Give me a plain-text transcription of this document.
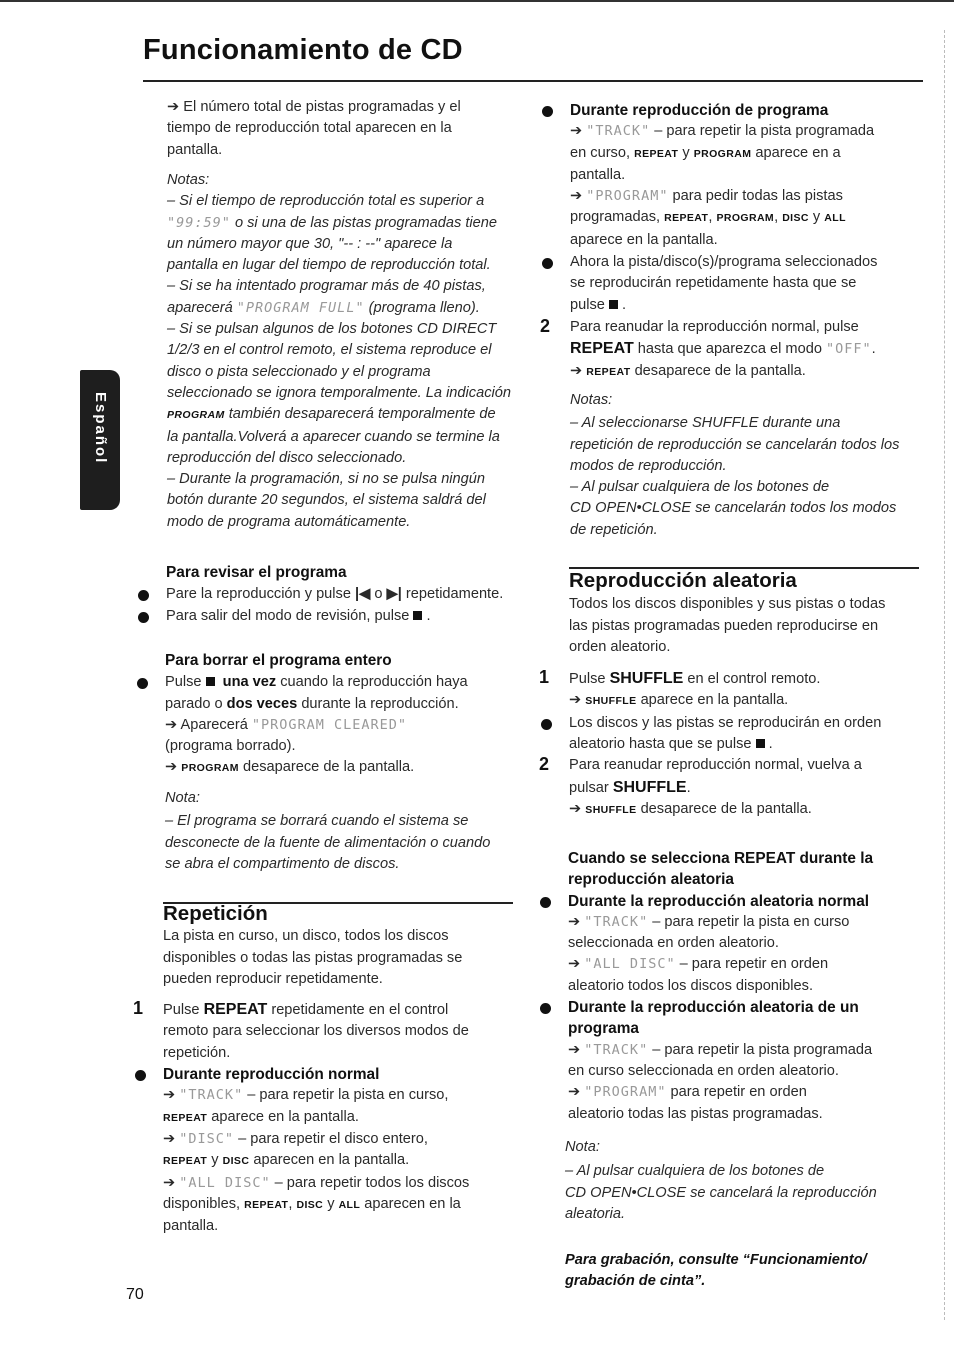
Funcionamiento de CD
Español

➔ El número total de pistas programadas y el

tiempo de reproducción total aparecen en la

pantalla.

Notas:

– Si el tiempo de reproducción total es superior a

"99:59" o si una de las pistas programadas tiene

un número mayor que 30, "-- : --" aparece la

pantalla en lugar del tiempo de reproducción total.

– Si se ha intentado programar más de 40 pistas,

aparecerá "PROGRAM FULL" (programa lleno).

– Si se pulsan algunos de los botones CD DIRECT

1/2/3 en el control remoto, el sistema reproduce el

disco o pista seleccionado y el programa

seleccionado se ignora temporalmente. La indicación

PROGRAM también desaparecerá temporalmente de

la pantalla.Volverá a aparecer cuando se termine la

reproducción del disco seleccionado.

– Durante la programación, si no se pulsa ningún

botón durante 20 segundos, el sistema saldrá del

modo de programa automáticamente.

Para revisar el programa

Pare la reproducción y pulse |◀ o ▶| repetidamente.

Para salir del modo de revisión, pulse  .

Para borrar el programa entero

Pulse   una vez cuando la reproducción haya

parado o dos veces durante la reproducción.

➔ Aparecerá "PROGRAM CLEARED"

(programa borrado).

➔ PROGRAM desaparece de la pantalla.

Nota:

– El programa se borrará cuando el sistema se

desconecte de la fuente de alimentación o cuando

se abra el compartimento de discos.

Repetición

La pista en curso, un disco, todos los discos

disponibles o todas las pistas programadas se

pueden reproducir repetidamente.

1 Pulse REPEAT repetidamente en el control

remoto para seleccionar los diversos modos de

repetición.

Durante reproducción normal

➔ "TRACK" – para repetir la pista en curso,

REPEAT aparece en la pantalla.

➔ "DISC" – para repetir el disco entero,

REPEAT y DISC aparecen en la pantalla.

➔ "ALL DISC" – para repetir todos los discos

disponibles, REPEAT, DISC y ALL aparecen en la

pantalla.

70

Durante reproducción de programa

➔ "TRACK" – para repetir la pista programada

en curso, REPEAT y PROGRAM aparece en a

pantalla.

➔ "PROGRAM" para pedir todas las pistas

programadas, REPEAT, PROGRAM, DISC y ALL

aparece en la pantalla.

Ahora la pista/disco(s)/programa seleccionados

se reproducirán repetidamente hasta que se

pulse  .

2 Para reanudar la reproducción normal, pulse

REPEAT hasta que aparezca el modo "OFF".

➔ REPEAT desaparece de la pantalla.

Notas:

– Al seleccionarse SHUFFLE durante una

repetición de reproducción se cancelarán todos los

modos de reproducción.

– Al pulsar cualquiera de los botones de

CD OPEN•CLOSE se cancelarán todos los modos

de repetición.

Reproducción aleatoria

Todos los discos disponibles y sus pistas o todas

las pistas programadas pueden reproducirse en

orden aleatorio.

1 Pulse SHUFFLE en el control remoto.

➔ SHUFFLE aparece en la pantalla.

Los discos y las pistas se reproducirán en orden

aleatorio hasta que se pulse  .

2 Para reanudar reproducción normal, vuelva a

pulsar SHUFFLE.

➔ SHUFFLE desaparece de la pantalla.

Cuando se selecciona REPEAT durante la

reproducción aleatoria

Durante la reproducción aleatoria normal

➔ "TRACK" – para repetir la pista en curso

seleccionada en orden aleatorio.

➔ "ALL DISC" – para repetir en orden

aleatorio todos los discos disponibles.

Durante la reproducción aleatoria de un

programa

➔ "TRACK" – para repetir la pista programada

en curso seleccionada en orden aleatorio.

➔ "PROGRAM" para repetir en orden

aleatorio todas las pistas programadas.

Nota:

– Al pulsar cualquiera de los botones de

CD OPEN•CLOSE se cancelará la reproducción

aleatoria.

Para grabación, consulte “Funcionamiento/

grabación de cinta”.
